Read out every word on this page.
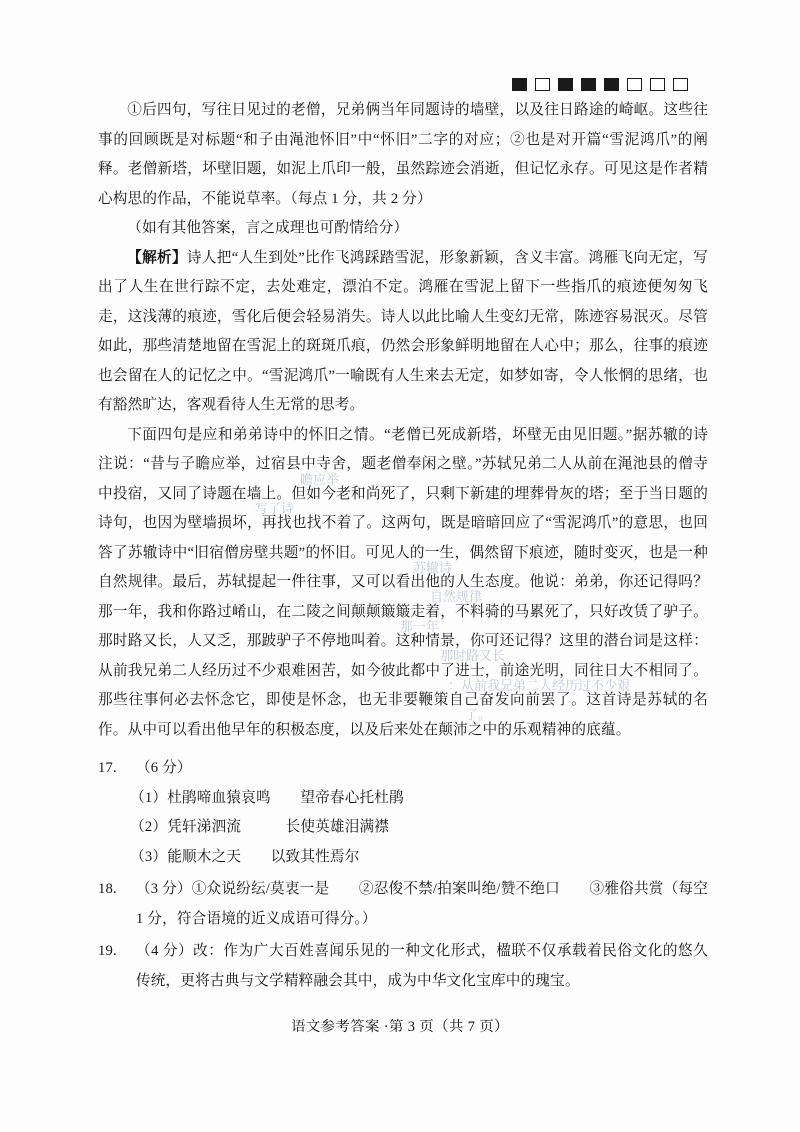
①后四句，写往日见过的老僧，兄弟俩当年同题诗的墙壁，以及往日路途的崎岖。这些往事的回顾既是对标题“和子由渑池怀旧”中“怀旧”二字的对应；②也是对开篇“雪泥鸿爪”的阐释。老僧新塔，坏壁旧题，如泥上爪印一般，虽然踪迹会消逝，但记忆永存。可见这是作者精心构思的作品，不能说草率。（每点 1 分，共 2 分）

（如有其他答案，言之成理也可酌情给分）

【解析】诗人把“人生到处”比作飞鸿踩踏雪泥，形象新颖，含义丰富。鸿雁飞向无定，写出了人生在世行踪不定，去处难定，漂泊不定。鸿雁在雪泥上留下一些指爪的痕迹便匆匆飞走，这浅薄的痕迹，雪化后便会轻易消失。诗人以此比喻人生变幻无常，陈迹容易泯灭。尽管如此，那些清楚地留在雪泥上的斑斑爪痕，仍然会形象鲜明地留在人心中；那么，往事的痕迹也会留在人的记忆之中。“雪泥鸿爪”一喻既有人生来去无定，如梦如寄，令人怅惘的思绪，也有豁然旷达，客观看待人生无常的思考。

下面四句是应和弟弟诗中的怀旧之情。“老僧已死成新塔，坏壁无由见旧题。”据苏辙的诗注说：“昔与子瞻应举，过宿县中寺舍，题老僧奉闲之壁。”苏轼兄弟二人从前在渑池县的僧寺中投宿，又同了诗题在墙上。但如今老和尚死了，只剩下新建的埋葬骨灰的塔；至于当日题的诗句，也因为壁墙损坏，再找也找不着了。这两句，既是暗暗回应了“雪泥鸿爪”的意思，也回答了苏辙诗中“旧宿僧房壁共题”的怀旧。可见人的一生，偶然留下痕迹，随时变灭，也是一种自然规律。最后，苏轼提起一件往事，又可以看出他的人生态度。他说：弟弟，你还记得吗？那一年，我和你路过崤山，在二陵之间颠颠簸簸走着，不料骑的马累死了，只好改赁了驴子。那时路又长，人又乏，那跛驴子不停地叫着。这种情景，你可还记得？这里的潜台词是这样：从前我兄弟二人经历过不少艰难困苦，如今彼此都中了进士，前途光明，同往日大不相同了。那些往事何必去怀念它，即使是怀念，也无非要鞭策自己奋发向前罢了。这首诗是苏轼的名作。从中可以看出他早年的积极态度，以及后来处在颠沛之中的乐观精神的底蕴。

17. （6 分）

（1）杜鹃啼血猿哀鸣　　望帝春心托杜鹃

（2）凭轩涕泗流　　　长使英雄泪满襟

（3）能顺木之天　　以致其性焉尔

18. （3 分）①众说纷纭/莫衷一是　　②忍俊不禁/拍案叫绝/赞不绝口　　③雅俗共赏（每空 1 分，符合语境的近义成语可得分。）

19. （4 分）改：作为广大百姓喜闻乐见的一种文化形式，楹联不仅承载着民俗文化的悠久传统，更将古典与文学精粹融会其中，成为中华文化宝库中的瑰宝。

瞻应举
写了诗
苏辙诗
自然规律
那一年
那时路又长
：从前我兄弟二人经历过不少艰
了。
语文参考答案 ·第 3 页（共 7 页）
